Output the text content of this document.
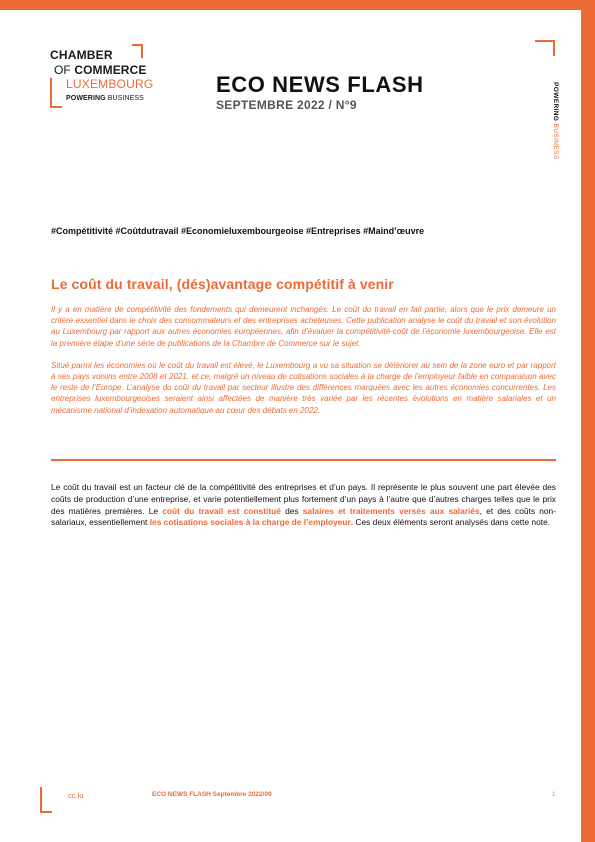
CHAMBER
OF COMMERCE
LUXEMBOURG
POWERING BUSINESS
ECO NEWS FLASH
SEPTEMBRE 2022 / N°9	POWERING BUSINESS
#Compétitivité #Coûtdutravail #Economieluxembourgeoise #Entreprises #Maind’œuvre
Le coût du travail, (dés)avantage compétitif à venir

Il y a en matière de compétitivité des fondements qui demeurent inchangés. Le coût du travail en fait partie, alors que le prix demeure un critère essentiel dans le choix des consommateurs et des entreprises acheteuses. Cette publication analyse le coût du travail et son évolution au Luxembourg par rapport aux autres économies européennes, afin d’évaluer la compétitivité-coût de l’économie luxembourgeoise. Elle est la première étape d’une série de publications de la Chambre de Commerce sur le sujet.

Situé parmi les économies où le coût du travail est élevé, le Luxembourg a vu sa situation se détériorer au sein de la zone euro et par rapport à ses pays voisins entre 2008 et 2021, et ce, malgré un niveau de cotisations sociales à la charge de l’employeur faible en comparaison avec le reste de l’Europe. L’analyse du coût du travail par secteur illustre des différences marquées avec les autres économies concurrentes. Les entreprises luxembourgeoises seraient ainsi affectées de manière très variée par les récentes évolutions en matière salariales et un mécanisme national d’indexation automatique au cœur des débats en 2022.

Le coût du travail est un facteur clé de la compétitivité des entreprises et d’un pays. Il représente le plus souvent une part élevée des coûts de production d’une entreprise, et varie potentiellement plus fortement d’un pays à l’autre que d’autres charges telles que le prix des matières premières. Le coût du travail est constitué des salaires et traitements versés aux salariés, et des coûts non-salariaux, essentiellement les cotisations sociales à la charge de l’employeur. Ces deux éléments seront analysés dans cette note.

cc.lu	ECO NEWS FLASH Septembre 2022/09	1
